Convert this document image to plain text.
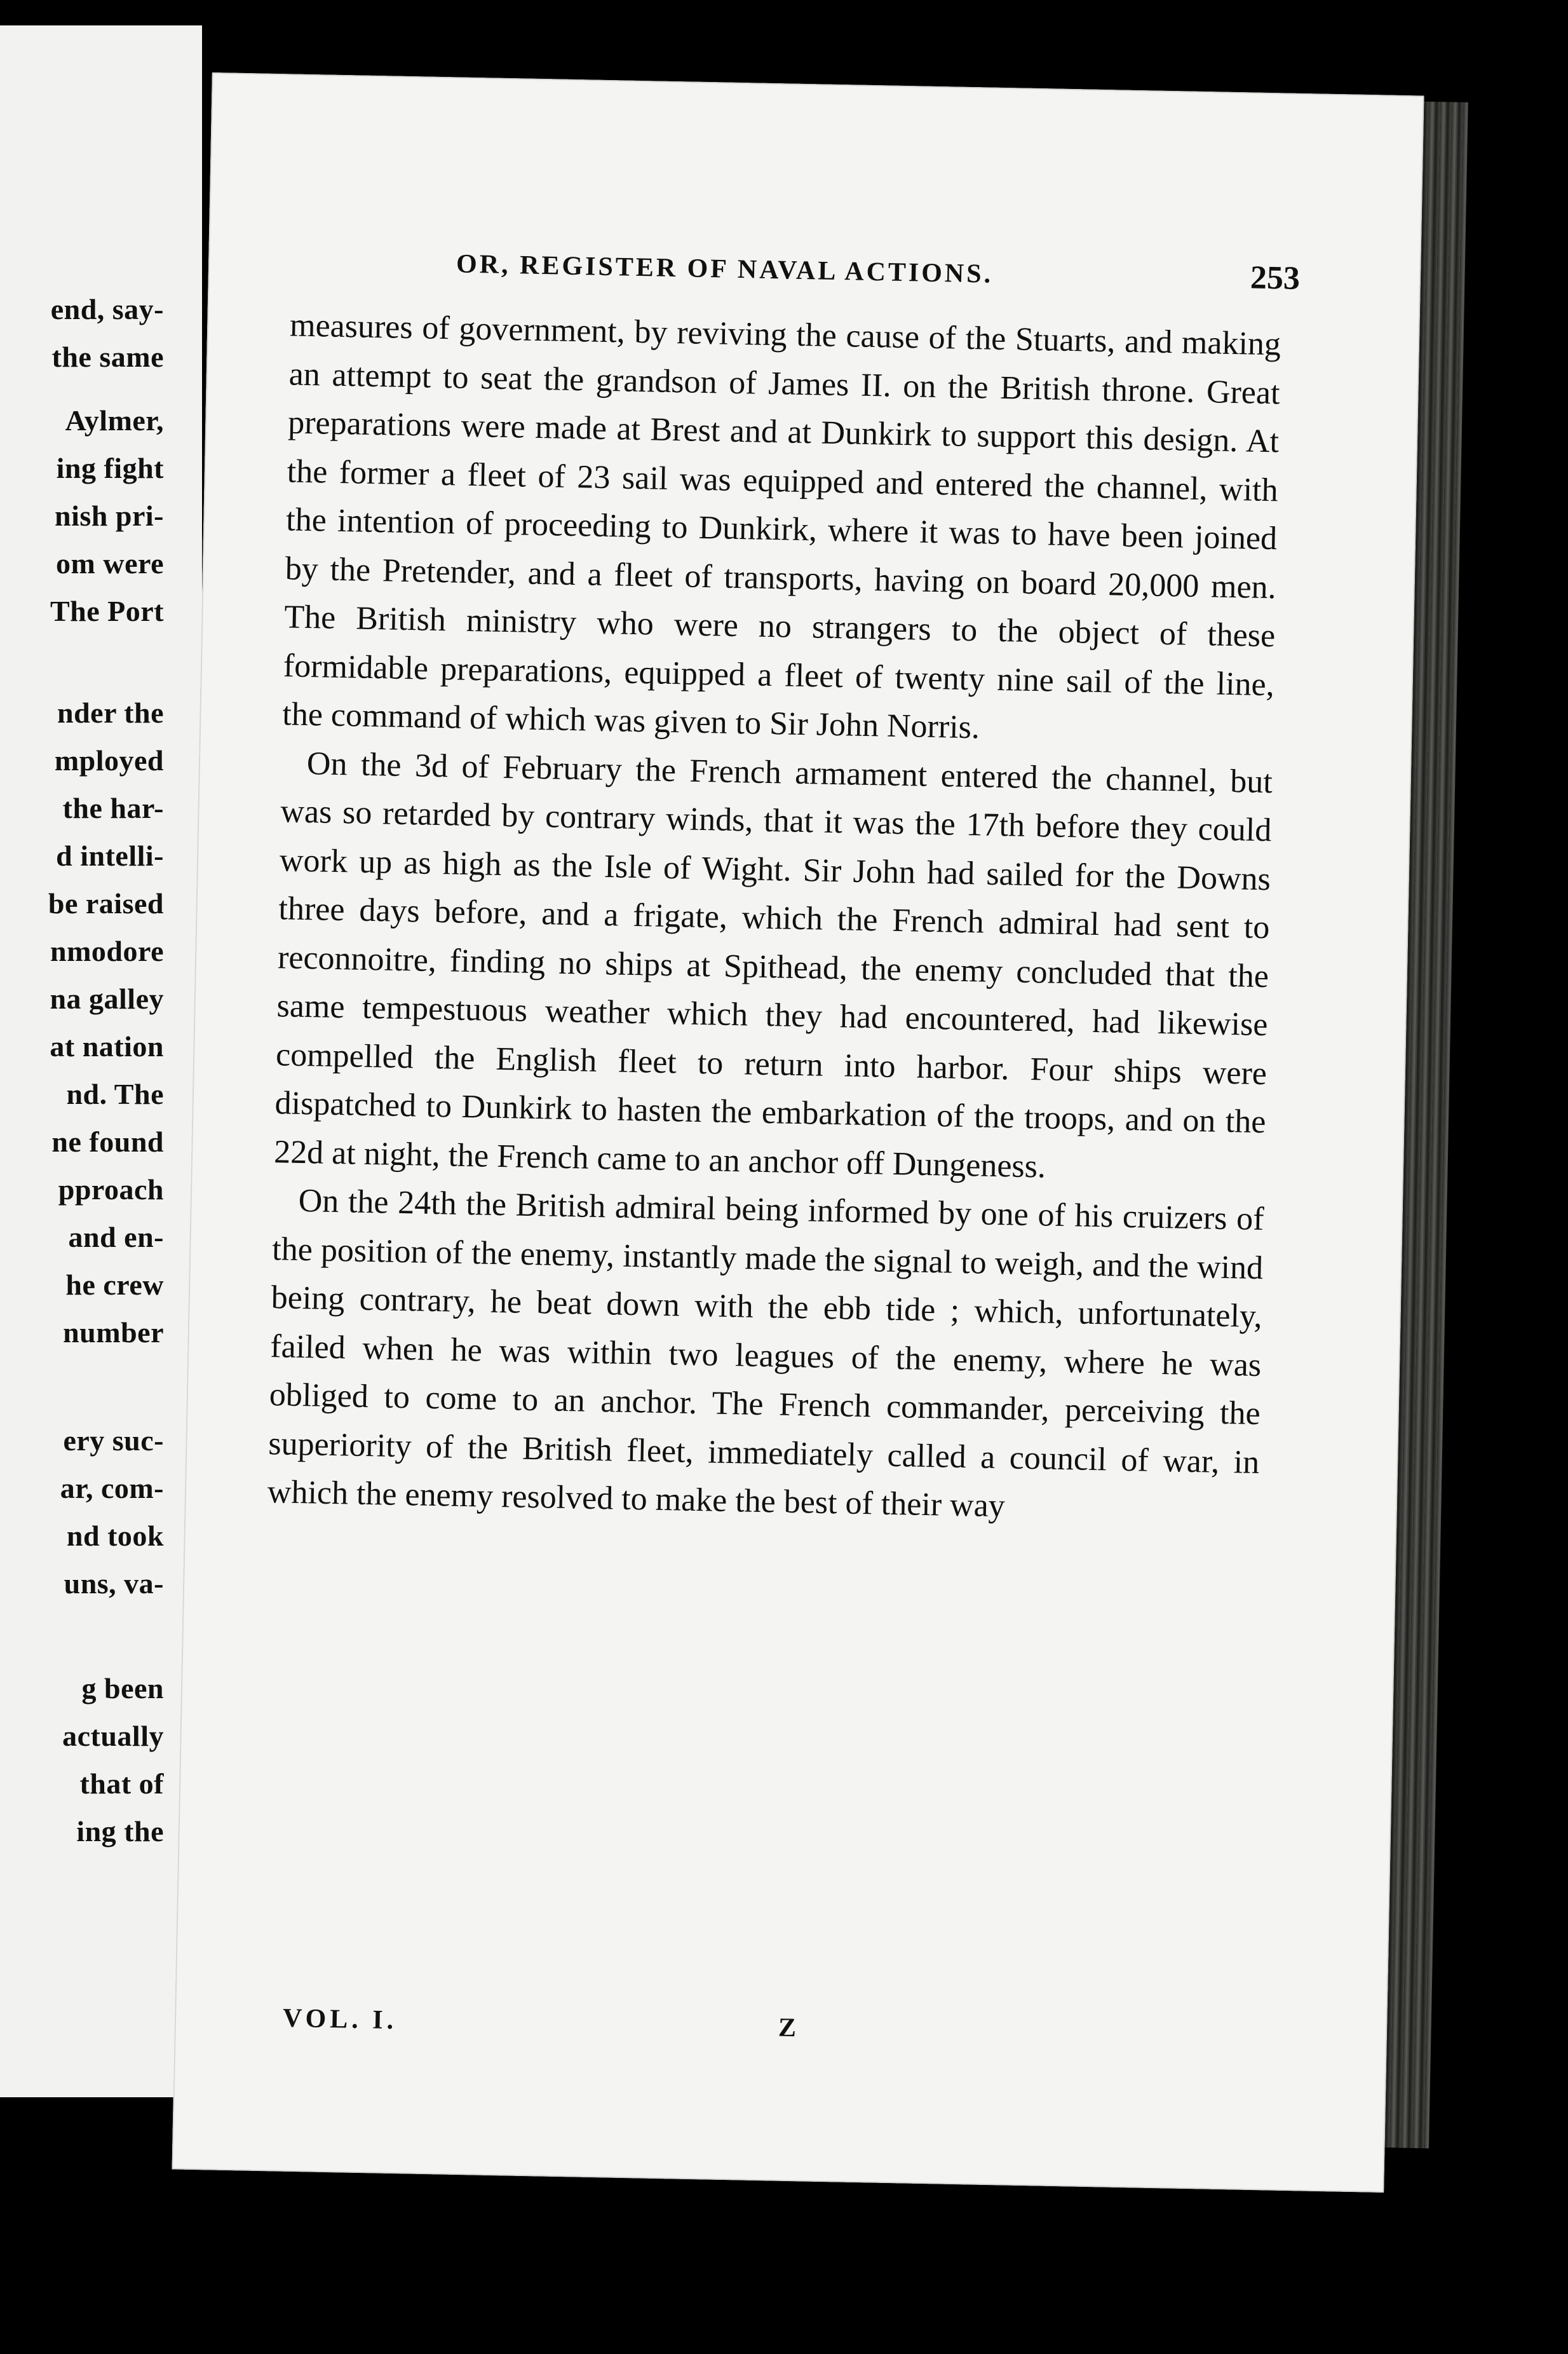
end, say-
the same
Aylmer,
ing fight
nish pri-
om were
The Port
nder the
mployed
the har-
d intelli-
be raised
nmodore
na galley
at nation
nd. The
ne found
pproach
and en-
he crew
number
ery suc-
ar, com-
nd took
uns, va-
g been
actually
that of
ing the
OR, REGISTER OF NAVAL ACTIONS.	253

measures of government, by reviving the cause of the Stuarts, and making an attempt to seat the grandson of James II. on the British throne. Great preparations were made at Brest and at Dunkirk to support this design. At the former a fleet of 23 sail was equipped and entered the channel, with the intention of proceeding to Dunkirk, where it was to have been joined by the Pretender, and a fleet of transports, having on board 20,000 men. The British ministry who were no strangers to the object of these formidable preparations, equipped a fleet of twenty nine sail of the line, the command of which was given to Sir John Norris.

On the 3d of February the French armament entered the channel, but was so retarded by contrary winds, that it was the 17th before they could work up as high as the Isle of Wight. Sir John had sailed for the Downs three days before, and a frigate, which the French admiral had sent to reconnoitre, finding no ships at Spithead, the enemy concluded that the same tempestuous weather which they had encountered, had likewise compelled the English fleet to return into harbor. Four ships were dispatched to Dunkirk to hasten the embarkation of the troops, and on the 22d at night, the French came to an anchor off Dungeness.

On the 24th the British admiral being informed by one of his cruizers of the position of the enemy, instantly made the signal to weigh, and the wind being contrary, he beat down with the ebb tide ; which, unfortunately, failed when he was within two leagues of the enemy, where he was obliged to come to an anchor. The French commander, perceiving the superiority of the British fleet, immediately called a council of war, in which the enemy resolved to make the best of their way

VOL. I.	Z
